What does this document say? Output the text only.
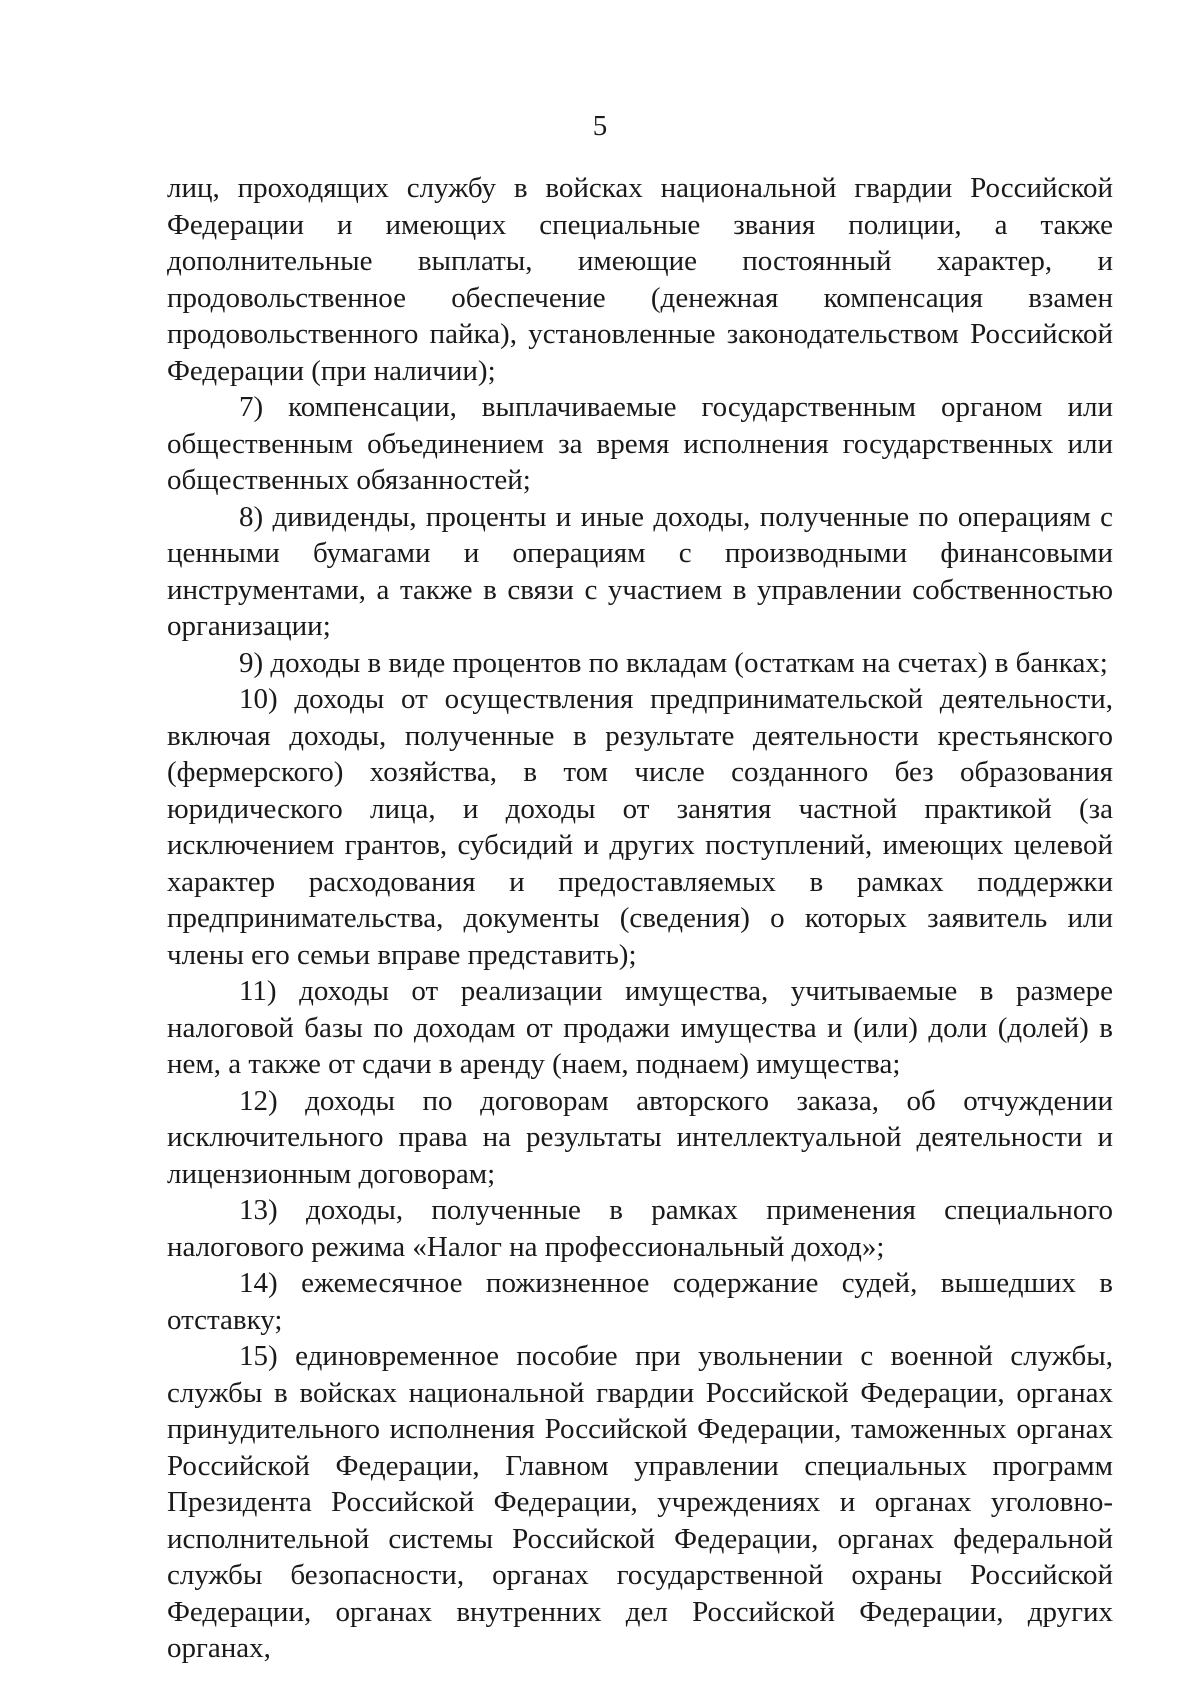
5

лиц, проходящих службу в войсках национальной гвардии Российской Федерации и имеющих специальные звания полиции, а также дополнительные выплаты, имеющие постоянный характер, и продовольственное обеспечение (денежная компенсация взамен продовольственного пайка), установленные законодательством Российской Федерации (при наличии);

7) компенсации, выплачиваемые государственным органом или общественным объединением за время исполнения государственных или общественных обязанностей;

8) дивиденды, проценты и иные доходы, полученные по операциям с ценными бумагами и операциям с производными финансовыми инструментами, а также в связи с участием в управлении собственностью организации;

9) доходы в виде процентов по вкладам (остаткам на счетах) в банках;

10) доходы от осуществления предпринимательской деятельности, включая доходы, полученные в результате деятельности крестьянского (фермерского) хозяйства, в том числе созданного без образования юридического лица, и доходы от занятия частной практикой (за исключением грантов, субсидий и других поступлений, имеющих целевой характер расходования и предоставляемых в рамках поддержки предпринимательства, документы (сведения) о которых заявитель или члены его семьи вправе представить);

11) доходы от реализации имущества, учитываемые в размере налоговой базы по доходам от продажи имущества и (или) доли (долей) в нем, а также от сдачи в аренду (наем, поднаем) имущества;

12) доходы по договорам авторского заказа, об отчуждении исключительного права на результаты интеллектуальной деятельности и лицензионным договорам;

13) доходы, полученные в рамках применения специального налогового режима «Налог на профессиональный доход»;

14) ежемесячное пожизненное содержание судей, вышедших в отставку;

15) единовременное пособие при увольнении с военной службы, службы в войсках национальной гвардии Российской Федерации, органах принудительного исполнения Российской Федерации, таможенных органах Российской Федерации, Главном управлении специальных программ Президента Российской Федерации, учреждениях и органах уголовно-исполнительной системы Российской Федерации, органах федеральной службы безопасности, органах государственной охраны Российской Федерации, органах внутренних дел Российской Федерации, других органах,
